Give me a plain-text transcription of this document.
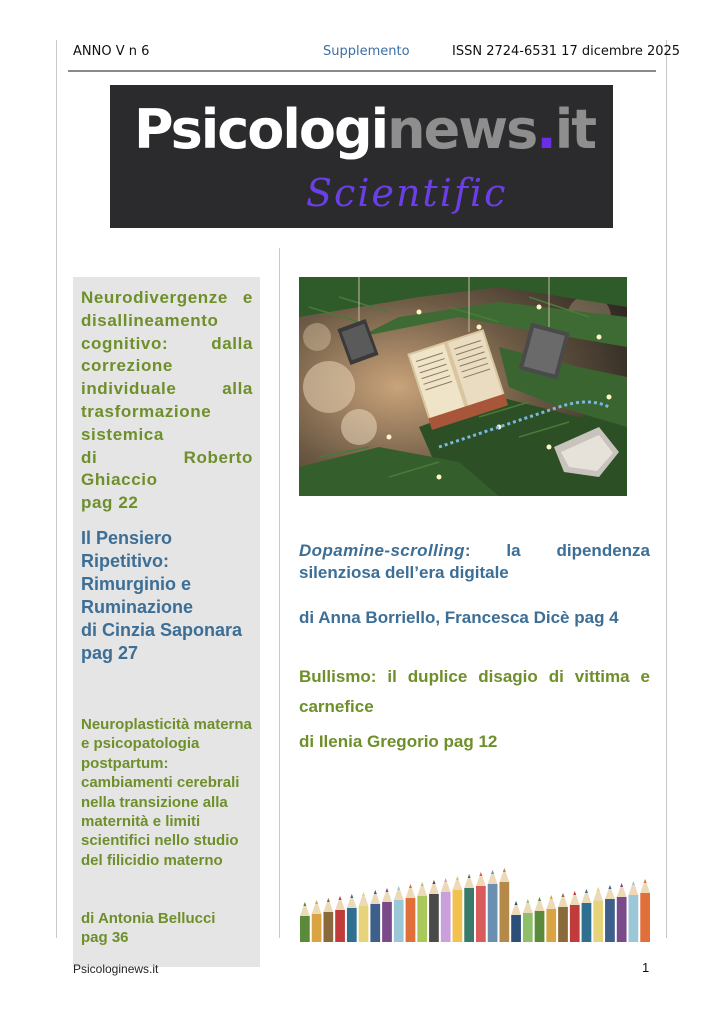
ANNO V n 6	Supplemento	ISSN 2724-6531 17 dicembre 2025
Psicologinews.it
Scientific
Neurodivergenze e disallineamento cognitivo: dalla correzione individuale alla trasformazione sistemica
di Roberto Ghiaccio
pag 22
Il Pensiero Ripetitivo: Rimurginio e Ruminazione
di Cinzia Saponara
pag 27
Neuroplasticità materna e psicopatologia postpartum: cambiamenti cerebrali nella transizione alla maternità e limiti scientifici nello studio del filicidio materno
di Antonia Bellucci
pag 36
Dopamine-scrolling: la dipendenza silenziosa dell’era digitale
di Anna Borriello, Francesca Dicè pag 4
Bullismo: il duplice disagio di vittima e carnefice
di Ilenia Gregorio pag 12
Psicologinews.it	1
